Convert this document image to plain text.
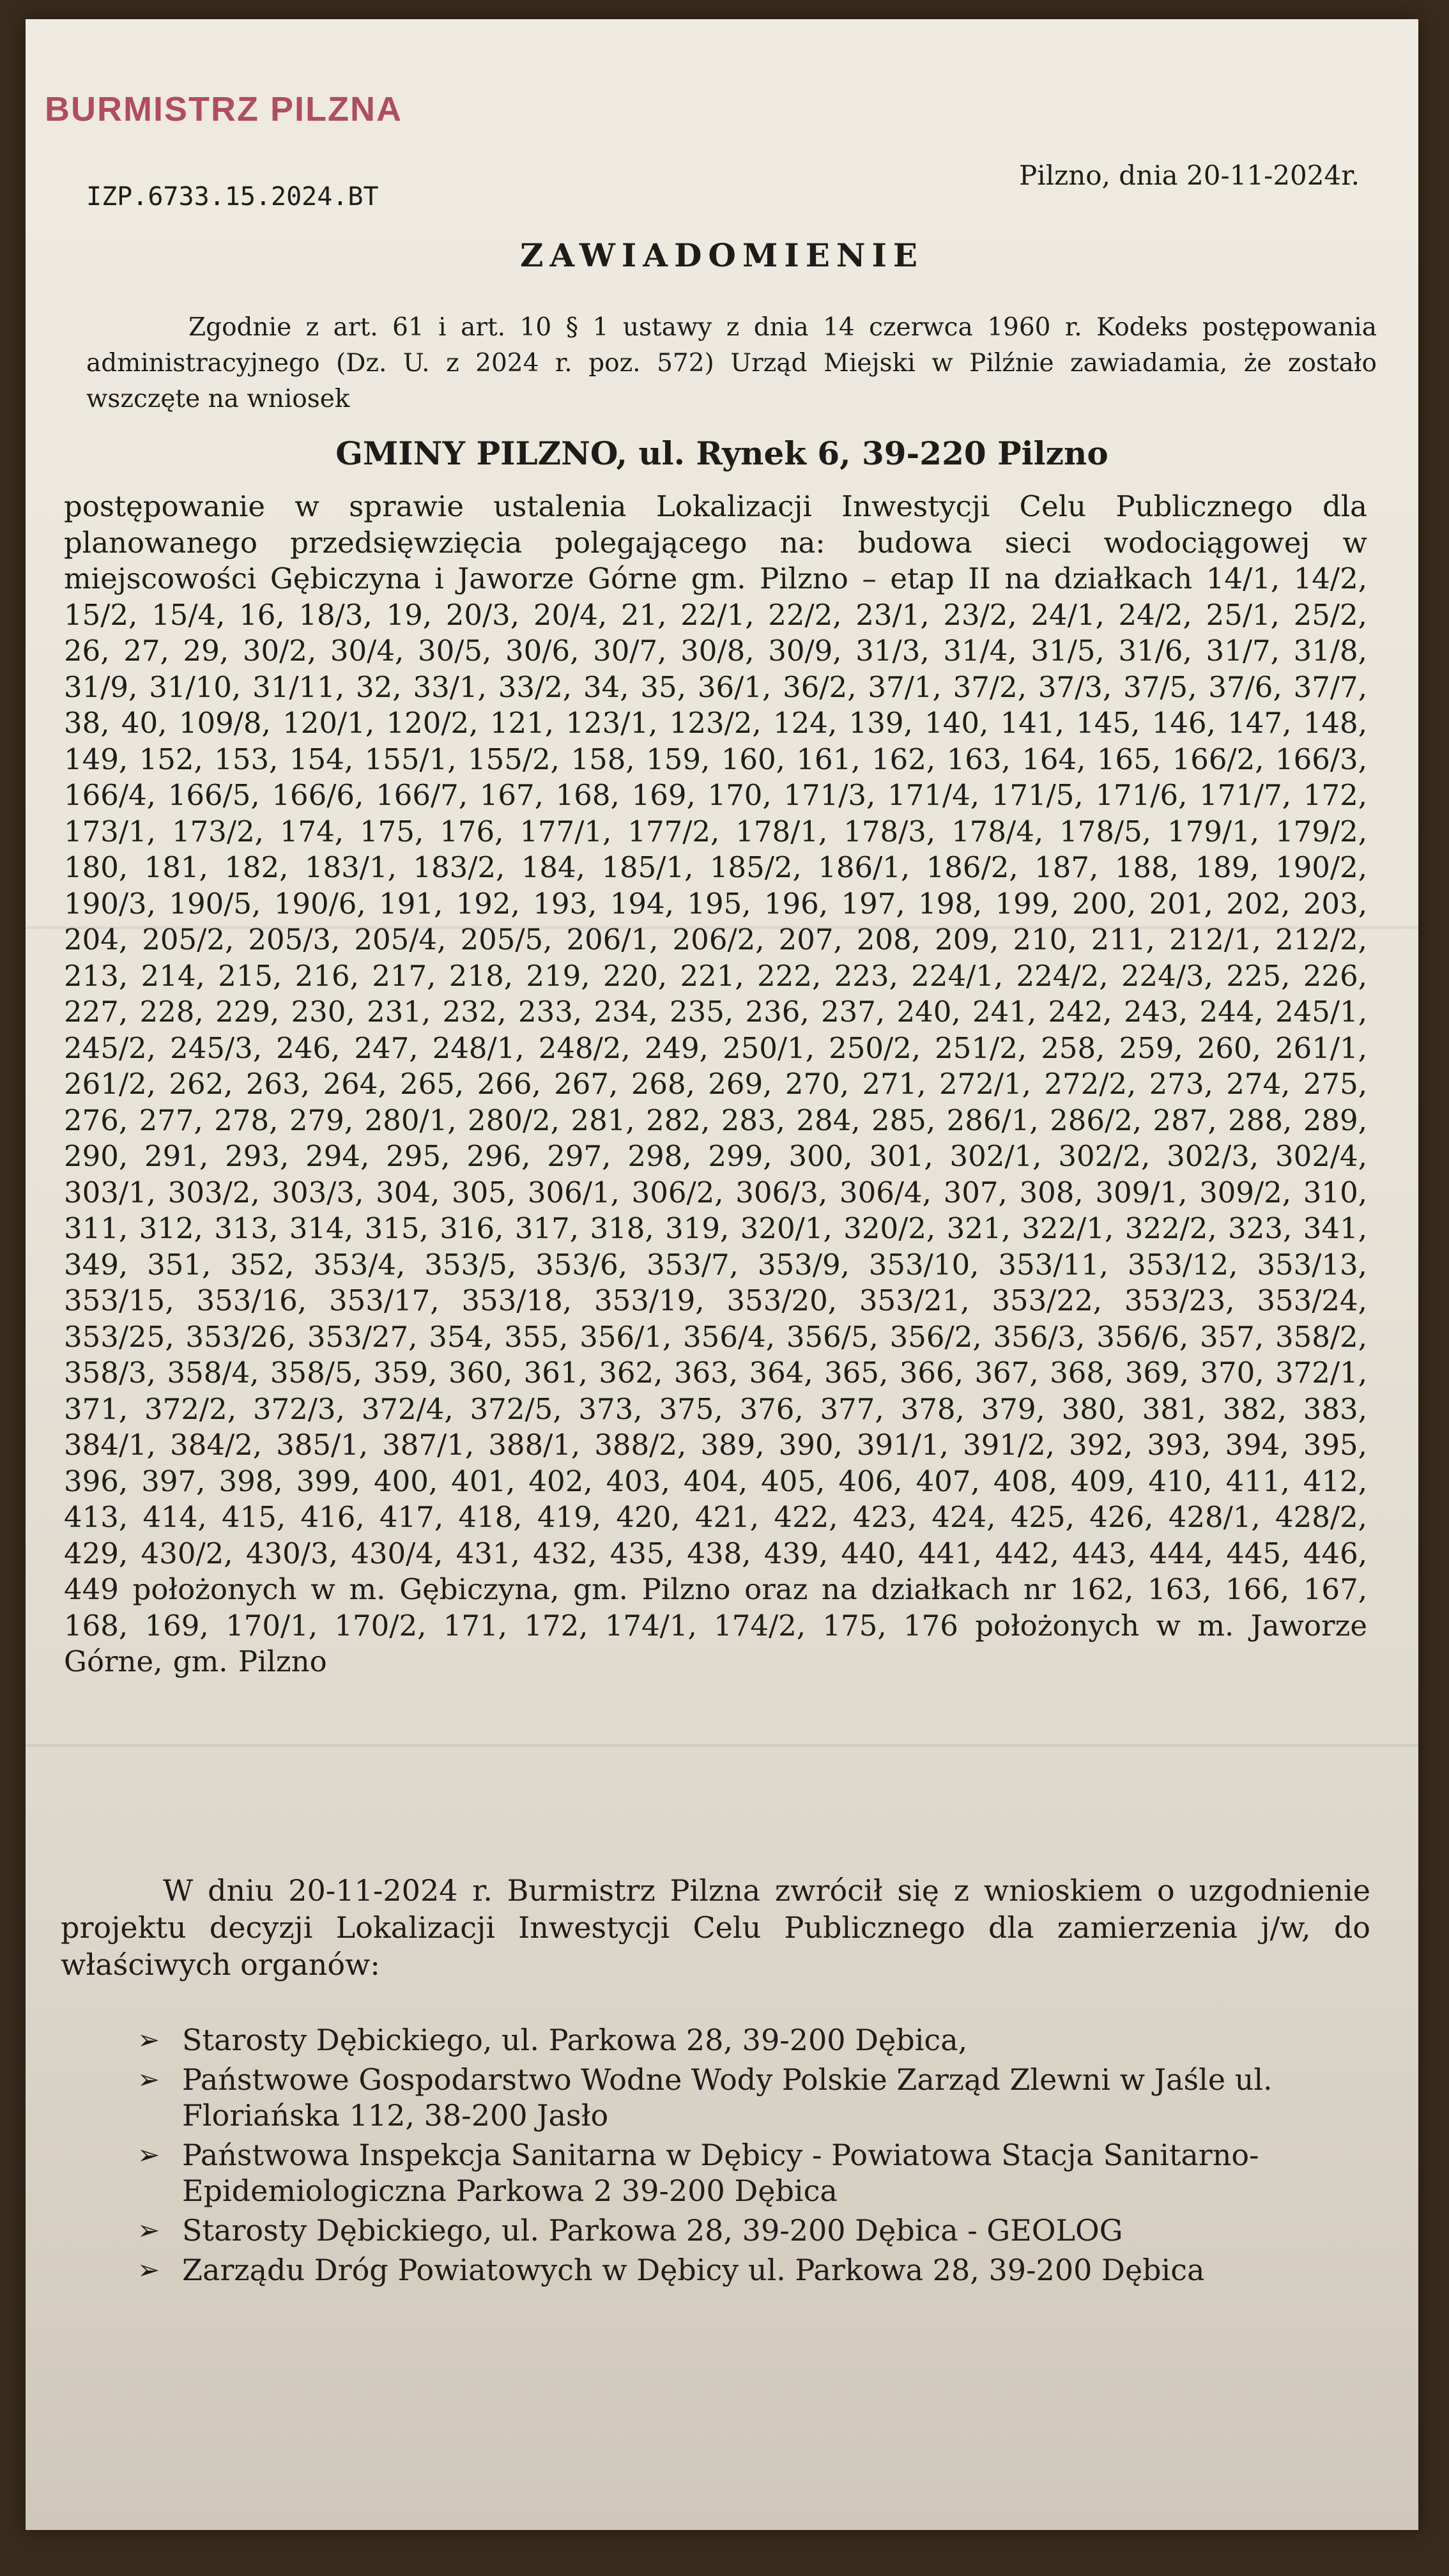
BURMISTRZ PILZNA
IZP.6733.15.2024.BT
Pilzno, dnia 20-11-2024r.
ZAWIADOMIENIE
Zgodnie z art. 61 i art. 10 § 1 ustawy z dnia 14 czerwca 1960 r. Kodeks postępowania administracyjnego (Dz. U. z 2024 r. poz. 572) Urząd Miejski w Pilźnie zawiadamia, że zostało wszczęte na wniosek
GMINY PILZNO, ul. Rynek 6, 39-220 Pilzno
postępowanie w sprawie ustalenia Lokalizacji Inwestycji Celu Publicznego dla planowanego przedsięwzięcia polegającego na: budowa sieci wodociągowej w miejscowości Gębiczyna i Jaworze Górne gm. Pilzno – etap II na działkach 14/1, 14/2, 15/2, 15/4, 16, 18/3, 19, 20/3, 20/4, 21, 22/1, 22/2, 23/1, 23/2, 24/1, 24/2, 25/1, 25/2, 26, 27, 29, 30/2, 30/4, 30/5, 30/6, 30/7, 30/8, 30/9, 31/3, 31/4, 31/5, 31/6, 31/7, 31/8, 31/9, 31/10, 31/11, 32, 33/1, 33/2, 34, 35, 36/1, 36/2, 37/1, 37/2, 37/3, 37/5, 37/6, 37/7, 38, 40, 109/8, 120/1, 120/2, 121, 123/1, 123/2, 124, 139, 140, 141, 145, 146, 147, 148, 149, 152, 153, 154, 155/1, 155/2, 158, 159, 160, 161, 162, 163, 164, 165, 166/2, 166/3, 166/4, 166/5, 166/6, 166/7, 167, 168, 169, 170, 171/3, 171/4, 171/5, 171/6, 171/7, 172, 173/1, 173/2, 174, 175, 176, 177/1, 177/2, 178/1, 178/3, 178/4, 178/5, 179/1, 179/2, 180, 181, 182, 183/1, 183/2, 184, 185/1, 185/2, 186/1, 186/2, 187, 188, 189, 190/2, 190/3, 190/5, 190/6, 191, 192, 193, 194, 195, 196, 197, 198, 199, 200, 201, 202, 203, 204, 205/2, 205/3, 205/4, 205/5, 206/1, 206/2, 207, 208, 209, 210, 211, 212/1, 212/2, 213, 214, 215, 216, 217, 218, 219, 220, 221, 222, 223, 224/1, 224/2, 224/3, 225, 226, 227, 228, 229, 230, 231, 232, 233, 234, 235, 236, 237, 240, 241, 242, 243, 244, 245/1, 245/2, 245/3, 246, 247, 248/1, 248/2, 249, 250/1, 250/2, 251/2, 258, 259, 260, 261/1, 261/2, 262, 263, 264, 265, 266, 267, 268, 269, 270, 271, 272/1, 272/2, 273, 274, 275, 276, 277, 278, 279, 280/1, 280/2, 281, 282, 283, 284, 285, 286/1, 286/2, 287, 288, 289, 290, 291, 293, 294, 295, 296, 297, 298, 299, 300, 301, 302/1, 302/2, 302/3, 302/4, 303/1, 303/2, 303/3, 304, 305, 306/1, 306/2, 306/3, 306/4, 307, 308, 309/1, 309/2, 310, 311, 312, 313, 314, 315, 316, 317, 318, 319, 320/1, 320/2, 321, 322/1, 322/2, 323, 341, 349, 351, 352, 353/4, 353/5, 353/6, 353/7, 353/9, 353/10, 353/11, 353/12, 353/13, 353/15, 353/16, 353/17, 353/18, 353/19, 353/20, 353/21, 353/22, 353/23, 353/24, 353/25, 353/26, 353/27, 354, 355, 356/1, 356/4, 356/5, 356/2, 356/3, 356/6, 357, 358/2, 358/3, 358/4, 358/5, 359, 360, 361, 362, 363, 364, 365, 366, 367, 368, 369, 370, 372/1, 371, 372/2, 372/3, 372/4, 372/5, 373, 375, 376, 377, 378, 379, 380, 381, 382, 383, 384/1, 384/2, 385/1, 387/1, 388/1, 388/2, 389, 390, 391/1, 391/2, 392, 393, 394, 395, 396, 397, 398, 399, 400, 401, 402, 403, 404, 405, 406, 407, 408, 409, 410, 411, 412, 413, 414, 415, 416, 417, 418, 419, 420, 421, 422, 423, 424, 425, 426, 428/1, 428/2, 429, 430/2, 430/3, 430/4, 431, 432, 435, 438, 439, 440, 441, 442, 443, 444, 445, 446, 449 położonych w m. Gębiczyna, gm. Pilzno oraz na działkach nr 162, 163, 166, 167, 168, 169, 170/1, 170/2, 171, 172, 174/1, 174/2, 175, 176 położonych w m. Jaworze Górne, gm. Pilzno
W dniu 20-11-2024 r. Burmistrz Pilzna zwrócił się z wnioskiem o uzgodnienie projektu decyzji Lokalizacji Inwestycji Celu Publicznego dla zamierzenia j/w, do właściwych organów:
➢ Starosty Dębickiego, ul. Parkowa 28, 39-200 Dębica,
➢ Państwowe Gospodarstwo Wodne Wody Polskie Zarząd Zlewni w Jaśle ul. Floriańska 112, 38-200 Jasło
➢ Państwowa Inspekcja Sanitarna w Dębicy - Powiatowa Stacja Sanitarno-Epidemiologiczna Parkowa 2 39-200 Dębica
➢ Starosty Dębickiego, ul. Parkowa 28, 39-200 Dębica - GEOLOG
➢ Zarządu Dróg Powiatowych w Dębicy ul. Parkowa 28, 39-200 Dębica
